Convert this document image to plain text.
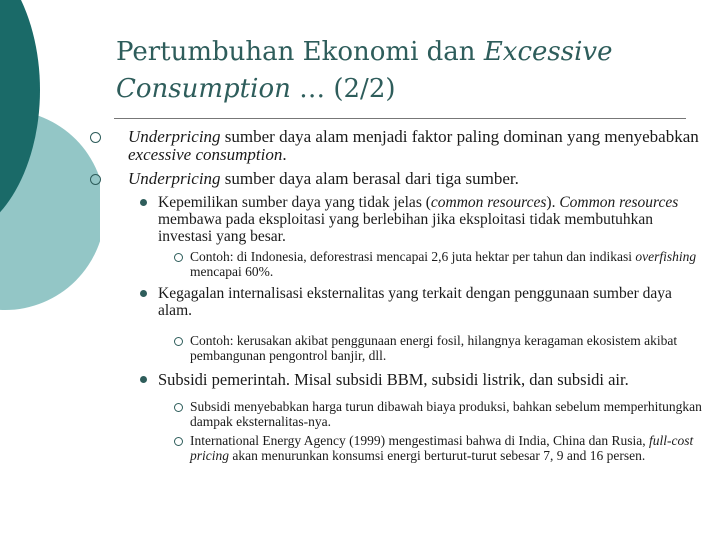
Pertumbuhan Ekonomi dan Excessive Consumption … (2/2)
Underpricing sumber daya alam menjadi faktor paling dominan yang menyebabkan excessive consumption.
Underpricing sumber daya alam berasal dari tiga sumber.
Kepemilikan sumber daya yang tidak jelas (common resources). Common resources membawa pada eksploitasi yang berlebihan jika eksploitasi tidak membutuhkan investasi yang besar.
Contoh: di Indonesia, deforestrasi mencapai 2,6 juta hektar per tahun dan indikasi overfishing mencapai 60%.
Kegagalan internalisasi eksternalitas yang terkait dengan penggunaan sumber daya alam.
Contoh: kerusakan akibat penggunaan energi fosil, hilangnya keragaman ekosistem akibat pembangunan pengontrol banjir, dll.
Subsidi pemerintah. Misal subsidi BBM, subsidi listrik, dan subsidi air.
Subsidi menyebabkan harga turun dibawah biaya produksi, bahkan sebelum memperhitungkan dampak eksternalitas-nya.
International Energy Agency (1999) mengestimasi bahwa di India, China dan Rusia, full-cost pricing akan menurunkan konsumsi energi berturut-turut sebesar 7, 9 and 16 persen.
